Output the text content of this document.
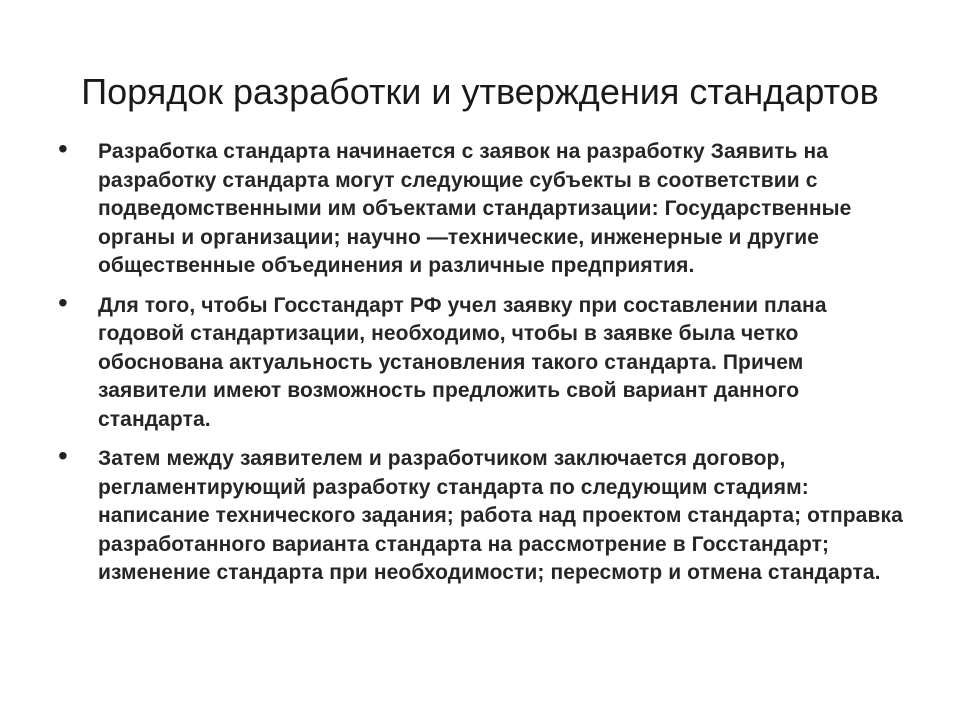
Порядок разработки и утверждения стандартов
• Разработка стандарта начинается с заявок на разработку Заявить на разработку стандарта могут следующие субъекты в соответствии с подведомственными им объектами стандартизации: Государственные органы и организации; научно —технические, инженерные и другие общественные объединения и различные предприятия.
• Для того, чтобы Госстандарт РФ учел заявку при составлении плана годовой стандартизации, необходимо, чтобы в заявке была четко обоснована актуальность установления такого стандарта. Причем заявители имеют возможность предложить свой вариант данного стандарта.
• Затем между заявителем и разработчиком заключается договор, регламентирующий разработку стандарта по следующим стадиям: написание технического задания; работа над проектом стандарта; отправка разработанного варианта стандарта на рассмотрение в Госстандарт; изменение стандарта при необходимости; пересмотр и отмена стандарта.
